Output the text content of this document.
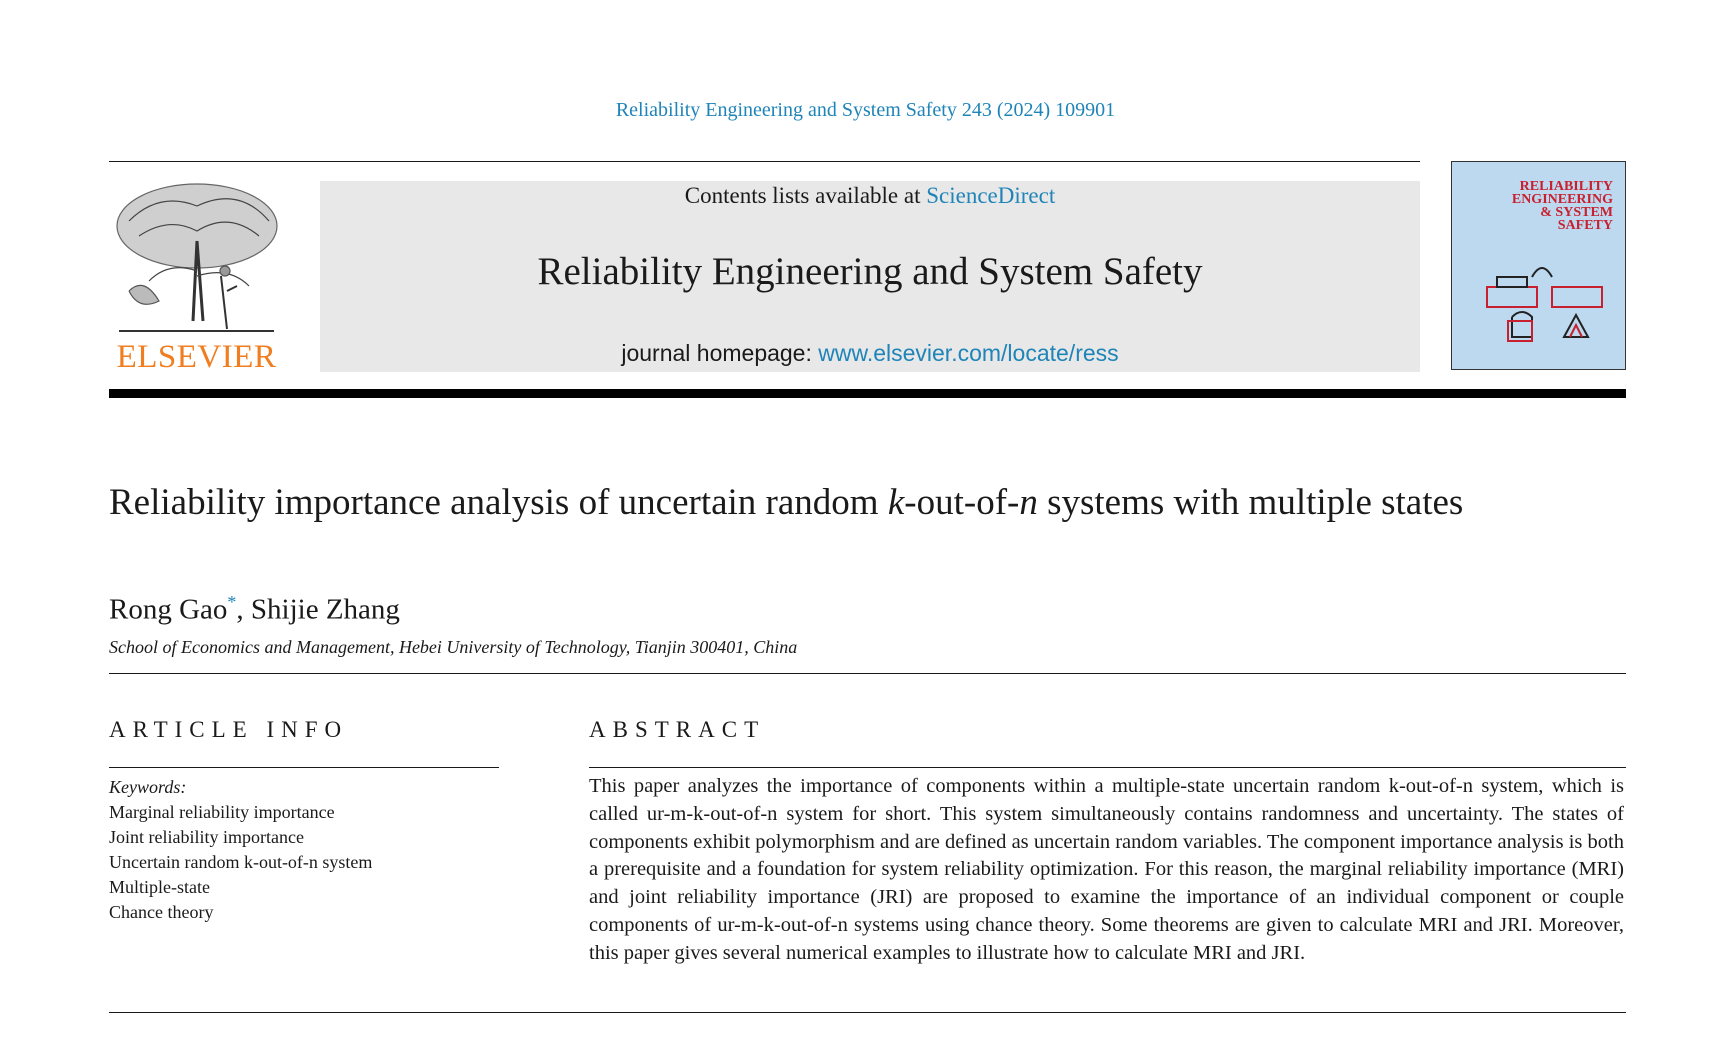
Reliability Engineering and System Safety 243 (2024) 109901
ELSEVIER
Contents lists available at ScienceDirect
Reliability Engineering and System Safety
journal homepage: www.elsevier.com/locate/ress
RELIABILITY
ENGINEERING
& SYSTEM
SAFETY
Reliability importance analysis of uncertain random k-out-of-n systems with multiple states
Rong Gao*, Shijie Zhang
School of Economics and Management, Hebei University of Technology, Tianjin 300401, China
ARTICLE INFO
Keywords:
Marginal reliability importance
Joint reliability importance
Uncertain random k-out-of-n system
Multiple-state
Chance theory
ABSTRACT
This paper analyzes the importance of components within a multiple-state uncertain random k-out-of-n system, which is called ur-m-k-out-of-n system for short. This system simultaneously contains randomness and uncertainty. The states of components exhibit polymorphism and are defined as uncertain random variables. The component importance analysis is both a prerequisite and a foundation for system reliability optimization. For this reason, the marginal reliability importance (MRI) and joint reliability importance (JRI) are proposed to examine the importance of an individual component or couple components of ur-m-k-out-of-n systems using chance theory. Some theorems are given to calculate MRI and JRI. Moreover, this paper gives several numerical examples to illustrate how to calculate MRI and JRI.
